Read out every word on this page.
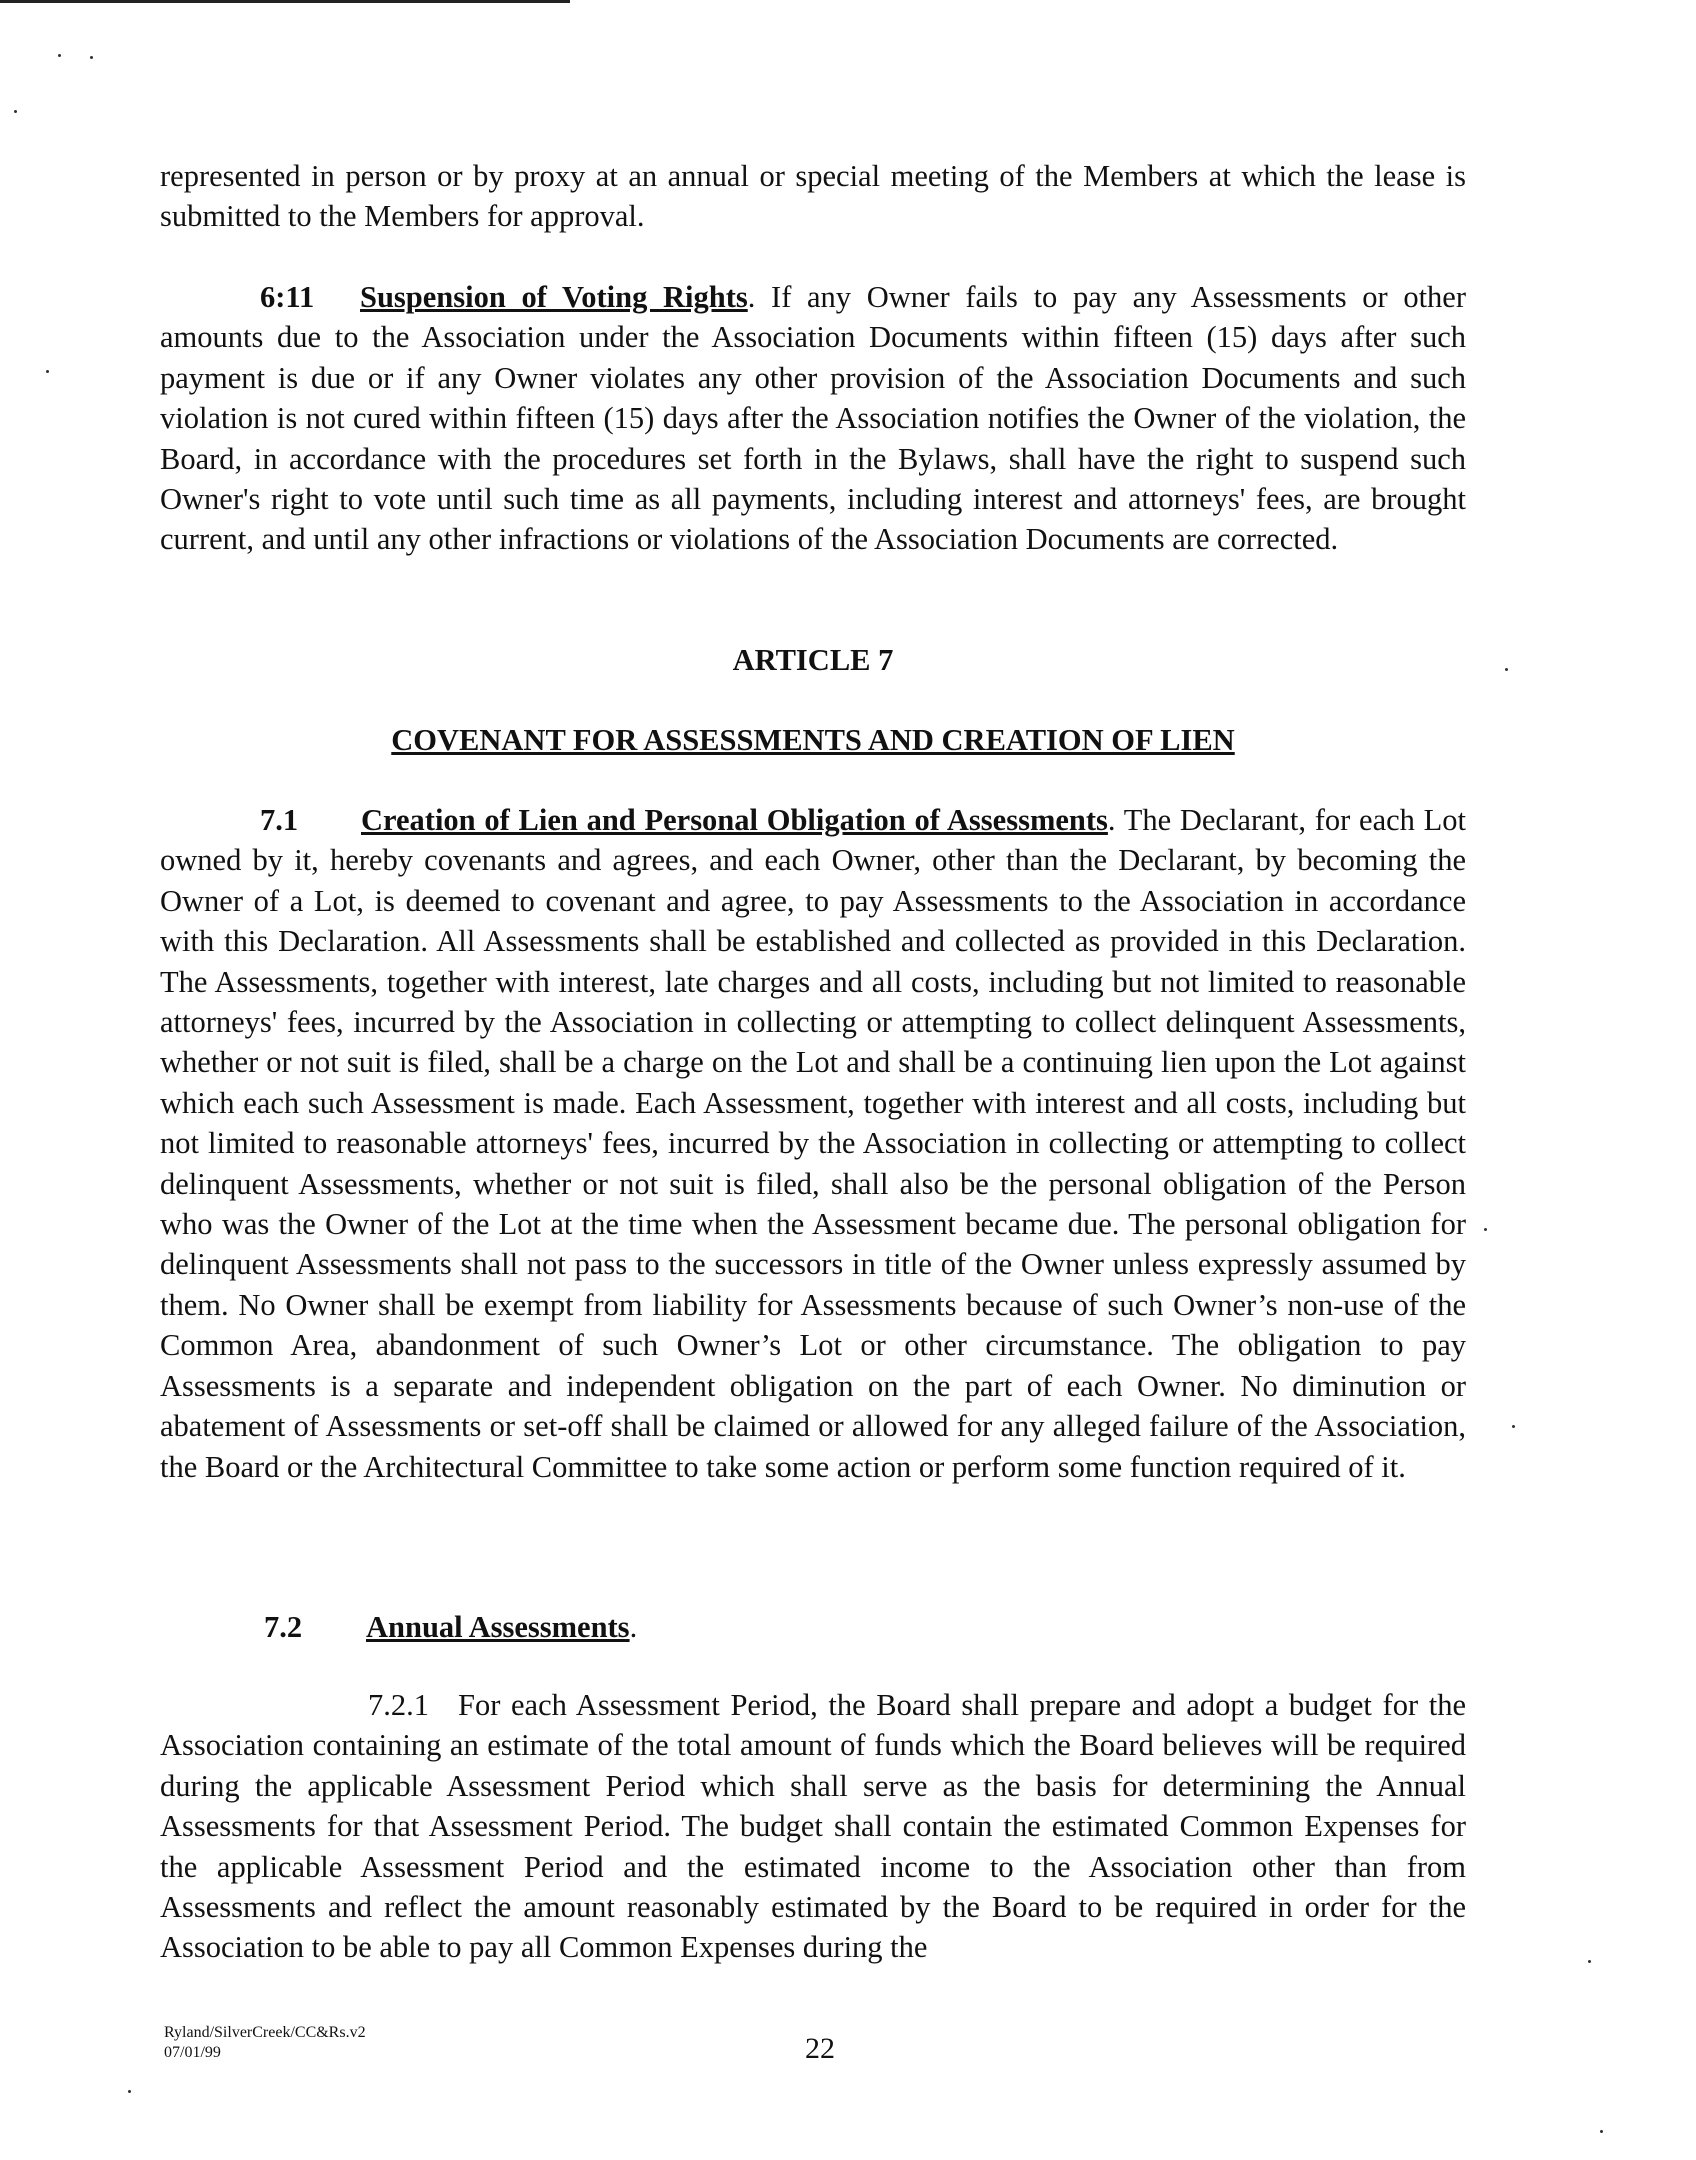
represented in person or by proxy at an annual or special meeting of the Members at which the lease is submitted to the Members for approval.

6:11 Suspension of Voting Rights. If any Owner fails to pay any Assessments or other amounts due to the Association under the Association Documents within fifteen (15) days after such payment is due or if any Owner violates any other provision of the Association Documents and such violation is not cured within fifteen (15) days after the Association notifies the Owner of the violation, the Board, in accordance with the procedures set forth in the Bylaws, shall have the right to suspend such Owner's right to vote until such time as all payments, including interest and attorneys' fees, are brought current, and until any other infractions or violations of the Association Documents are corrected.

ARTICLE 7
COVENANT FOR ASSESSMENTS AND CREATION OF LIEN

7.1 Creation of Lien and Personal Obligation of Assessments. The Declarant, for each Lot owned by it, hereby covenants and agrees, and each Owner, other than the Declarant, by becoming the Owner of a Lot, is deemed to covenant and agree, to pay Assessments to the Association in accordance with this Declaration. All Assessments shall be established and collected as provided in this Declaration. The Assessments, together with interest, late charges and all costs, including but not limited to reasonable attorneys' fees, incurred by the Association in collecting or attempting to collect delinquent Assessments, whether or not suit is filed, shall be a charge on the Lot and shall be a continuing lien upon the Lot against which each such Assessment is made. Each Assessment, together with interest and all costs, including but not limited to reasonable attorneys' fees, incurred by the Association in collecting or attempting to collect delinquent Assessments, whether or not suit is filed, shall also be the personal obligation of the Person who was the Owner of the Lot at the time when the Assessment became due. The personal obligation for delinquent Assessments shall not pass to the successors in title of the Owner unless expressly assumed by them. No Owner shall be exempt from liability for Assessments because of such Owner’s non-use of the Common Area, abandonment of such Owner’s Lot or other circumstance. The obligation to pay Assessments is a separate and independent obligation on the part of each Owner. No diminution or abatement of Assessments or set-off shall be claimed or allowed for any alleged failure of the Association, the Board or the Architectural Committee to take some action or perform some function required of it.

7.2 Annual Assessments.

7.2.1 For each Assessment Period, the Board shall prepare and adopt a budget for the Association containing an estimate of the total amount of funds which the Board believes will be required during the applicable Assessment Period which shall serve as the basis for determining the Annual Assessments for that Assessment Period. The budget shall contain the estimated Common Expenses for the applicable Assessment Period and the estimated income to the Association other than from Assessments and reflect the amount reasonably estimated by the Board to be required in order for the Association to be able to pay all Common Expenses during the

Ryland/SilverCreek/CC&Rs.v2
07/01/99	22
